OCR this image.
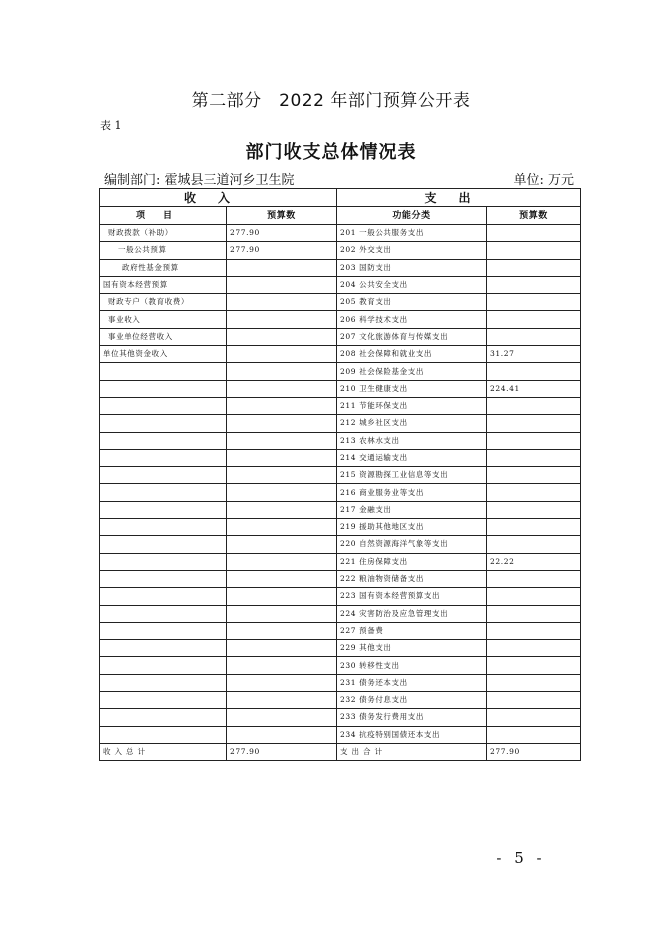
第二部分　2022 年部门预算公开表
表 1
部门收支总体情况表
编制部门: 霍城县三道河乡卫生院	单位: 万元
收入		支出	
项目	预算数	功能分类	预算数
财政拨款（补助）	277.90	201 一般公共服务支出	
一般公共预算	277.90	202 外交支出	
政府性基金预算		203 国防支出	
国有资本经营预算		204 公共安全支出	
财政专户（教育收费）		205 教育支出	
事业收入		206 科学技术支出	
事业单位经营收入		207 文化旅游体育与传媒支出	
单位其他资金收入		208 社会保障和就业支出	31.27
		209 社会保险基金支出	
		210 卫生健康支出	224.41
		211 节能环保支出	
		212 城乡社区支出	
		213 农林水支出	
		214 交通运输支出	
		215 资源勘探工业信息等支出	
		216 商业服务业等支出	
		217 金融支出	
		219 援助其他地区支出	
		220 自然资源海洋气象等支出	
		221 住房保障支出	22.22
		222 粮油物资储备支出	
		223 国有资本经营预算支出	
		224 灾害防治及应急管理支出	
		227 预备费	
		229 其他支出	
		230 转移性支出	
		231 债务还本支出	
		232 债务付息支出	
		233 债务发行费用支出	
		234 抗疫特别国债还本支出	
收入总计	277.90	支出合计	277.90
- 5 -
